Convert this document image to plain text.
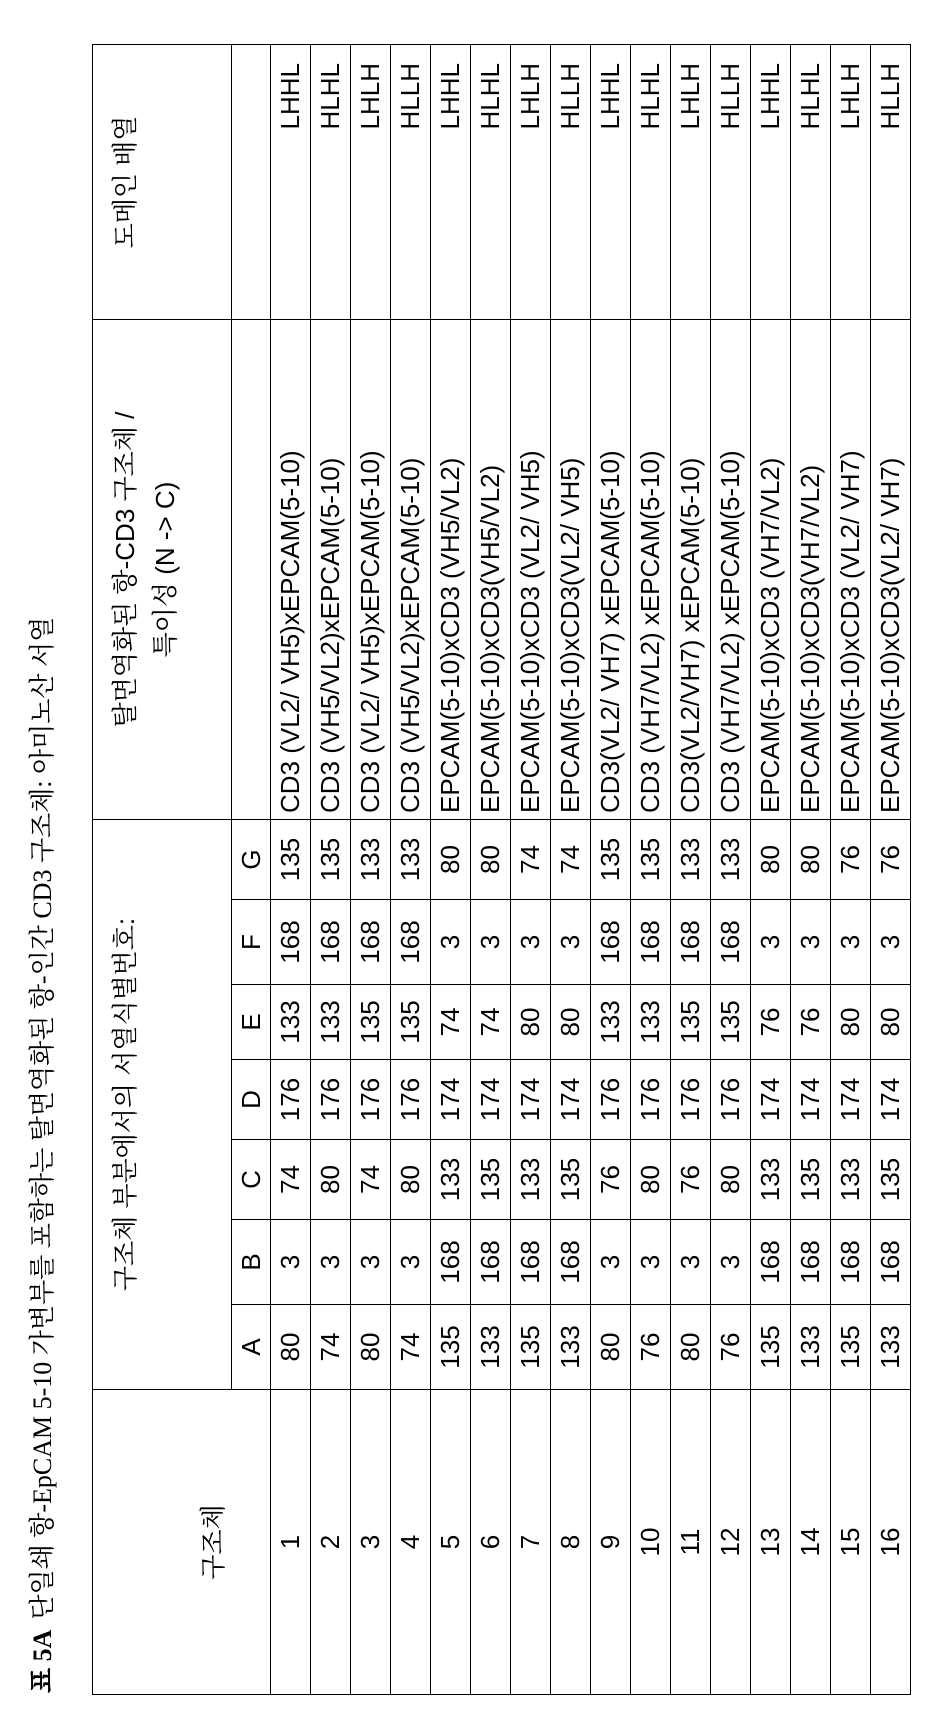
표 5A단일쇄 항-EpCAM 5-10 가변부를 포함하는 탈면역화된 항-인간 CD3 구조체: 아미노산 서열	구조체	구조체 부분에서의 서열식별번호:	
탈면역화된 항-CD3 구조체 / 특이성 (N -> C)
	도메인 배열
A	B	C	D	E	F	G		
1	80	3	74	176	133	168	135	CD3 (VL2/ VH5)xEPCAM(5-10)	LHHL
2	74	3	80	176	133	168	135	CD3 (VH5/VL2)xEPCAM(5-10)	HLHL
3	80	3	74	176	135	168	133	CD3 (VL2/ VH5)xEPCAM(5-10)	LHLH
4	74	3	80	176	135	168	133	CD3 (VH5/VL2)xEPCAM(5-10)	HLLH
5	135	168	133	174	74	3	80	EPCAM(5-10)xCD3 (VH5/VL2)	LHHL
6	133	168	135	174	74	3	80	EPCAM(5-10)xCD3(VH5/VL2)	HLHL
7	135	168	133	174	80	3	74	EPCAM(5-10)xCD3 (VL2/ VH5)	LHLH
8	133	168	135	174	80	3	74	EPCAM(5-10)xCD3(VL2/ VH5)	HLLH
9	80	3	76	176	133	168	135	CD3(VL2/ VH7) xEPCAM(5-10)	LHHL
10	76	3	80	176	133	168	135	CD3 (VH7/VL2) xEPCAM(5-10)	HLHL
11	80	3	76	176	135	168	133	CD3(VL2/VH7) xEPCAM(5-10)	LHLH
12	76	3	80	176	135	168	133	CD3 (VH7/VL2) xEPCAM(5-10)	HLLH
13	135	168	133	174	76	3	80	EPCAM(5-10)xCD3 (VH7/VL2)	LHHL
14	133	168	135	174	76	3	80	EPCAM(5-10)xCD3(VH7/VL2)	HLHL
15	135	168	133	174	80	3	76	EPCAM(5-10)xCD3 (VL2/ VH7)	LHLH
16	133	168	135	174	80	3	76	EPCAM(5-10)xCD3(VL2/ VH7)	HLLH
